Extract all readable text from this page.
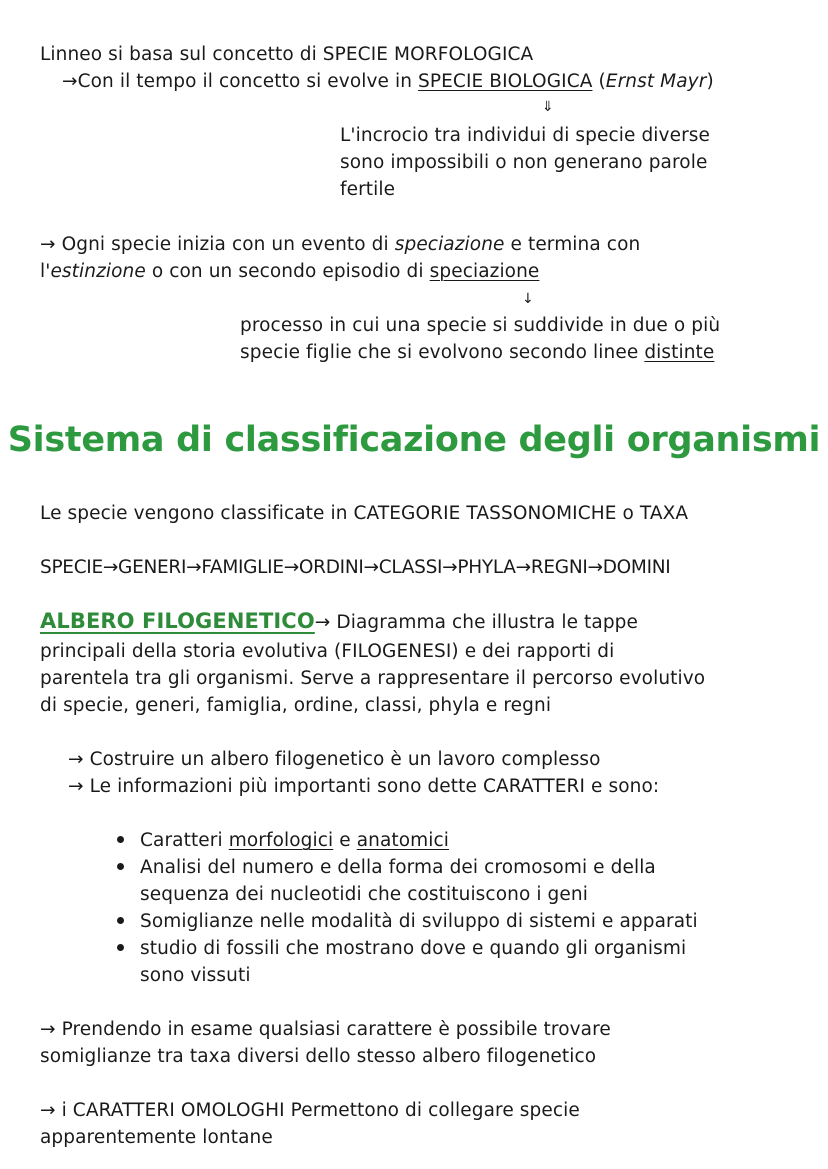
Linneo si basa sul concetto di SPECIE MORFOLOGICA
→Con il tempo il concetto si evolve in SPECIE BIOLOGICA (Ernst Mayr)
⇓
L'incrocio tra individui di specie diverse
sono impossibili o non generano parole
fertile
→ Ogni specie inizia con un evento di speciazione e termina con
l'estinzione o con un secondo episodio di speciazione
↓
processo in cui una specie si suddivide in due o più
specie figlie che si evolvono secondo linee distinte
Sistema di classificazione degli organismi
Le specie vengono classificate in CATEGORIE TASSONOMICHE o TAXA
SPECIE→GENERI→FAMIGLIE→ORDINI→CLASSI→PHYLA→REGNI→DOMINI
ALBERO FILOGENETICO→ Diagramma che illustra le tappe
principali della storia evolutiva (FILOGENESI) e dei rapporti di
parentela tra gli organismi. Serve a rappresentare il percorso evolutivo
di specie, generi, famiglia, ordine, classi, phyla e regni
→ Costruire un albero filogenetico è un lavoro complesso
→ Le informazioni più importanti sono dette CARATTERI e sono:
Caratteri morfologici e anatomici
Analisi del numero e della forma dei cromosomi e della
sequenza dei nucleotidi che costituiscono i geni
Somiglianze nelle modalità di sviluppo di sistemi e apparati
studio di fossili che mostrano dove e quando gli organismi
sono vissuti
→ Prendendo in esame qualsiasi carattere è possibile trovare
somiglianze tra taxa diversi dello stesso albero filogenetico
→ i CARATTERI OMOLOGHI Permettono di collegare specie
apparentemente lontane
